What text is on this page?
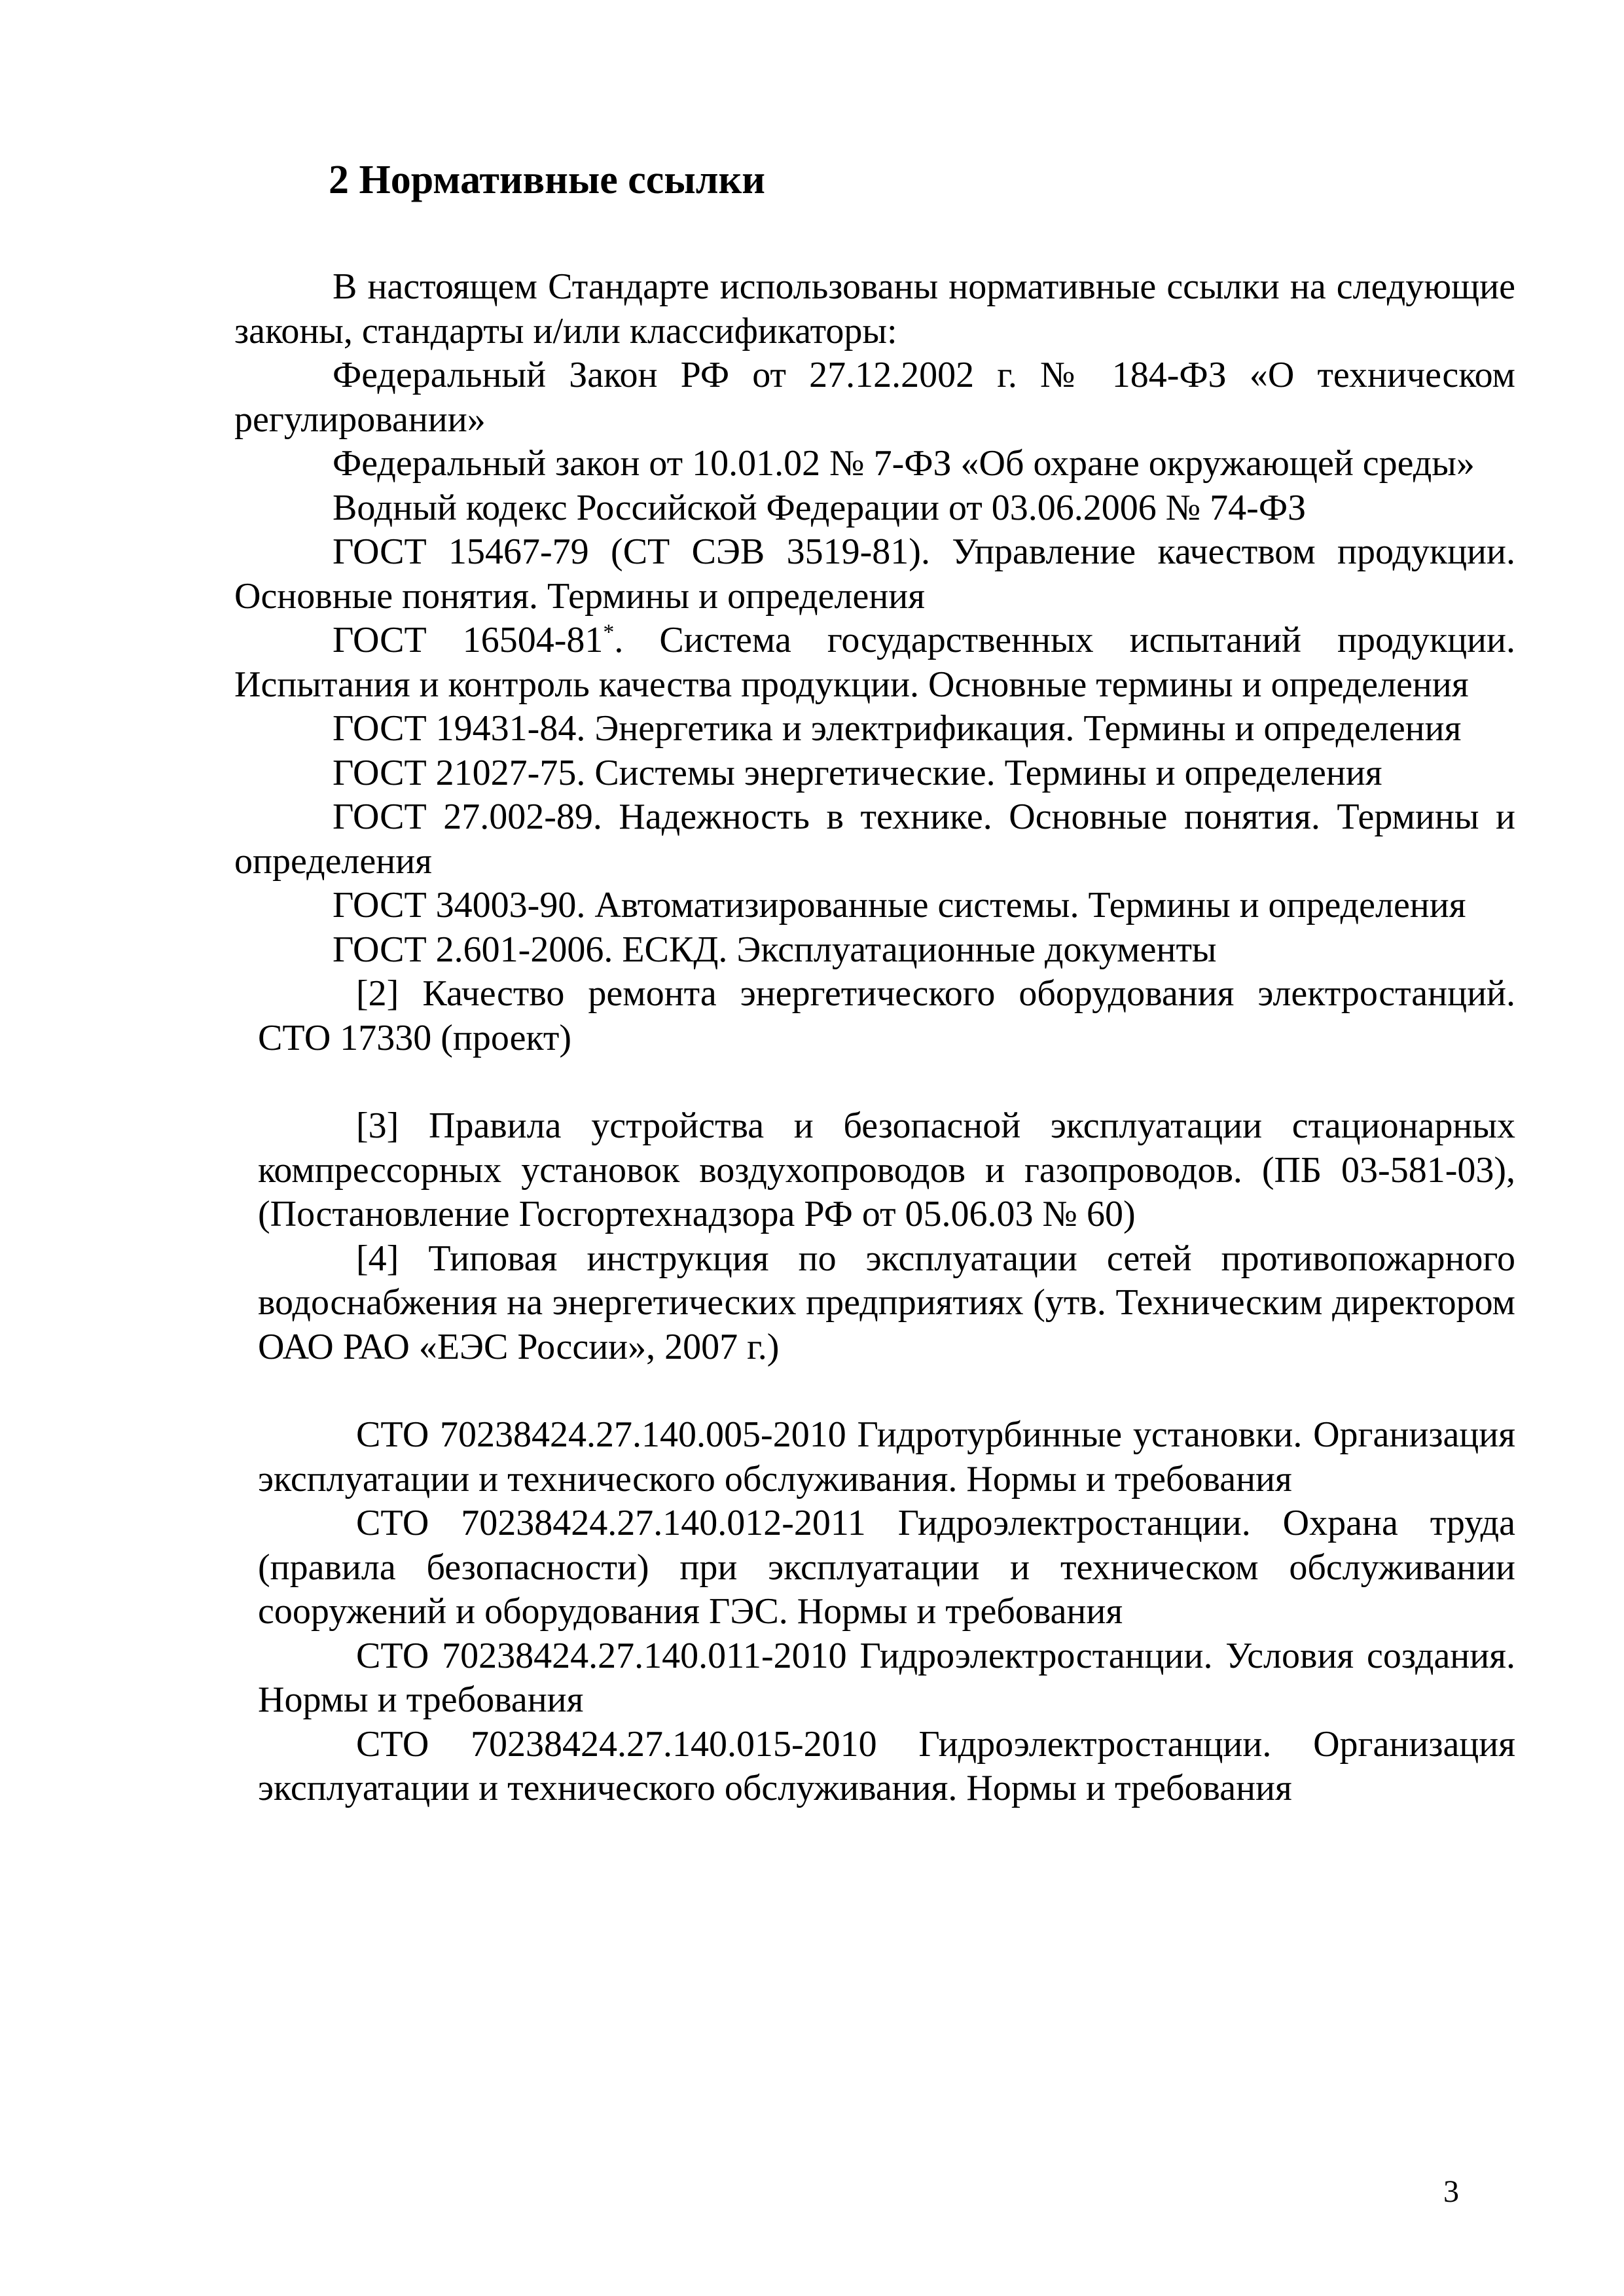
2 Нормативные ссылки

В настоящем Стандарте использованы нормативные ссылки на следующие законы, стандарты и/или классификаторы:

Федеральный Закон РФ от 27.12.2002 г. № 184-ФЗ «О техническом регулировании»

Федеральный закон от 10.01.02 № 7-ФЗ «Об охране окружающей среды»

Водный кодекс Российской Федерации от 03.06.2006 № 74-ФЗ

ГОСТ 15467-79 (СТ СЭВ 3519-81). Управление качеством продукции. Основные понятия. Термины и определения

ГОСТ 16504-81*. Система государственных испытаний продукции. Испытания и контроль качества продукции. Основные термины и определения

ГОСТ 19431-84. Энергетика и электрификация. Термины и определения

ГОСТ 21027-75. Системы энергетические. Термины и определения

ГОСТ 27.002-89. Надежность в технике. Основные понятия. Термины и определения

ГОСТ 34003-90. Автоматизированные системы. Термины и определения

ГОСТ 2.601-2006. ЕСКД. Эксплуатационные документы

[2] Качество ремонта энергетического оборудования электростанций. СТО 17330 (проект)

[3] Правила устройства и безопасной эксплуатации стационарных компрессорных установок воздухопроводов и газопроводов. (ПБ 03-581-03), (Постановление Госгортехнадзора РФ от 05.06.03 № 60)

[4] Типовая инструкция по эксплуатации сетей противопожарного водоснабжения на энергетических предприятиях (утв. Техническим директором ОАО РАО «ЕЭС России», 2007 г.)

СТО 70238424.27.140.005-2010 Гидротурбинные установки. Организация эксплуатации и технического обслуживания. Нормы и требования

СТО 70238424.27.140.012-2011 Гидроэлектростанции. Охрана труда (правила безопасности) при эксплуатации и техническом обслуживании сооружений и оборудования ГЭС. Нормы и требования

СТО 70238424.27.140.011-2010 Гидроэлектростанции. Условия создания. Нормы и требования

СТО 70238424.27.140.015-2010 Гидроэлектростанции. Организация эксплуатации и технического обслуживания. Нормы и требования

3
